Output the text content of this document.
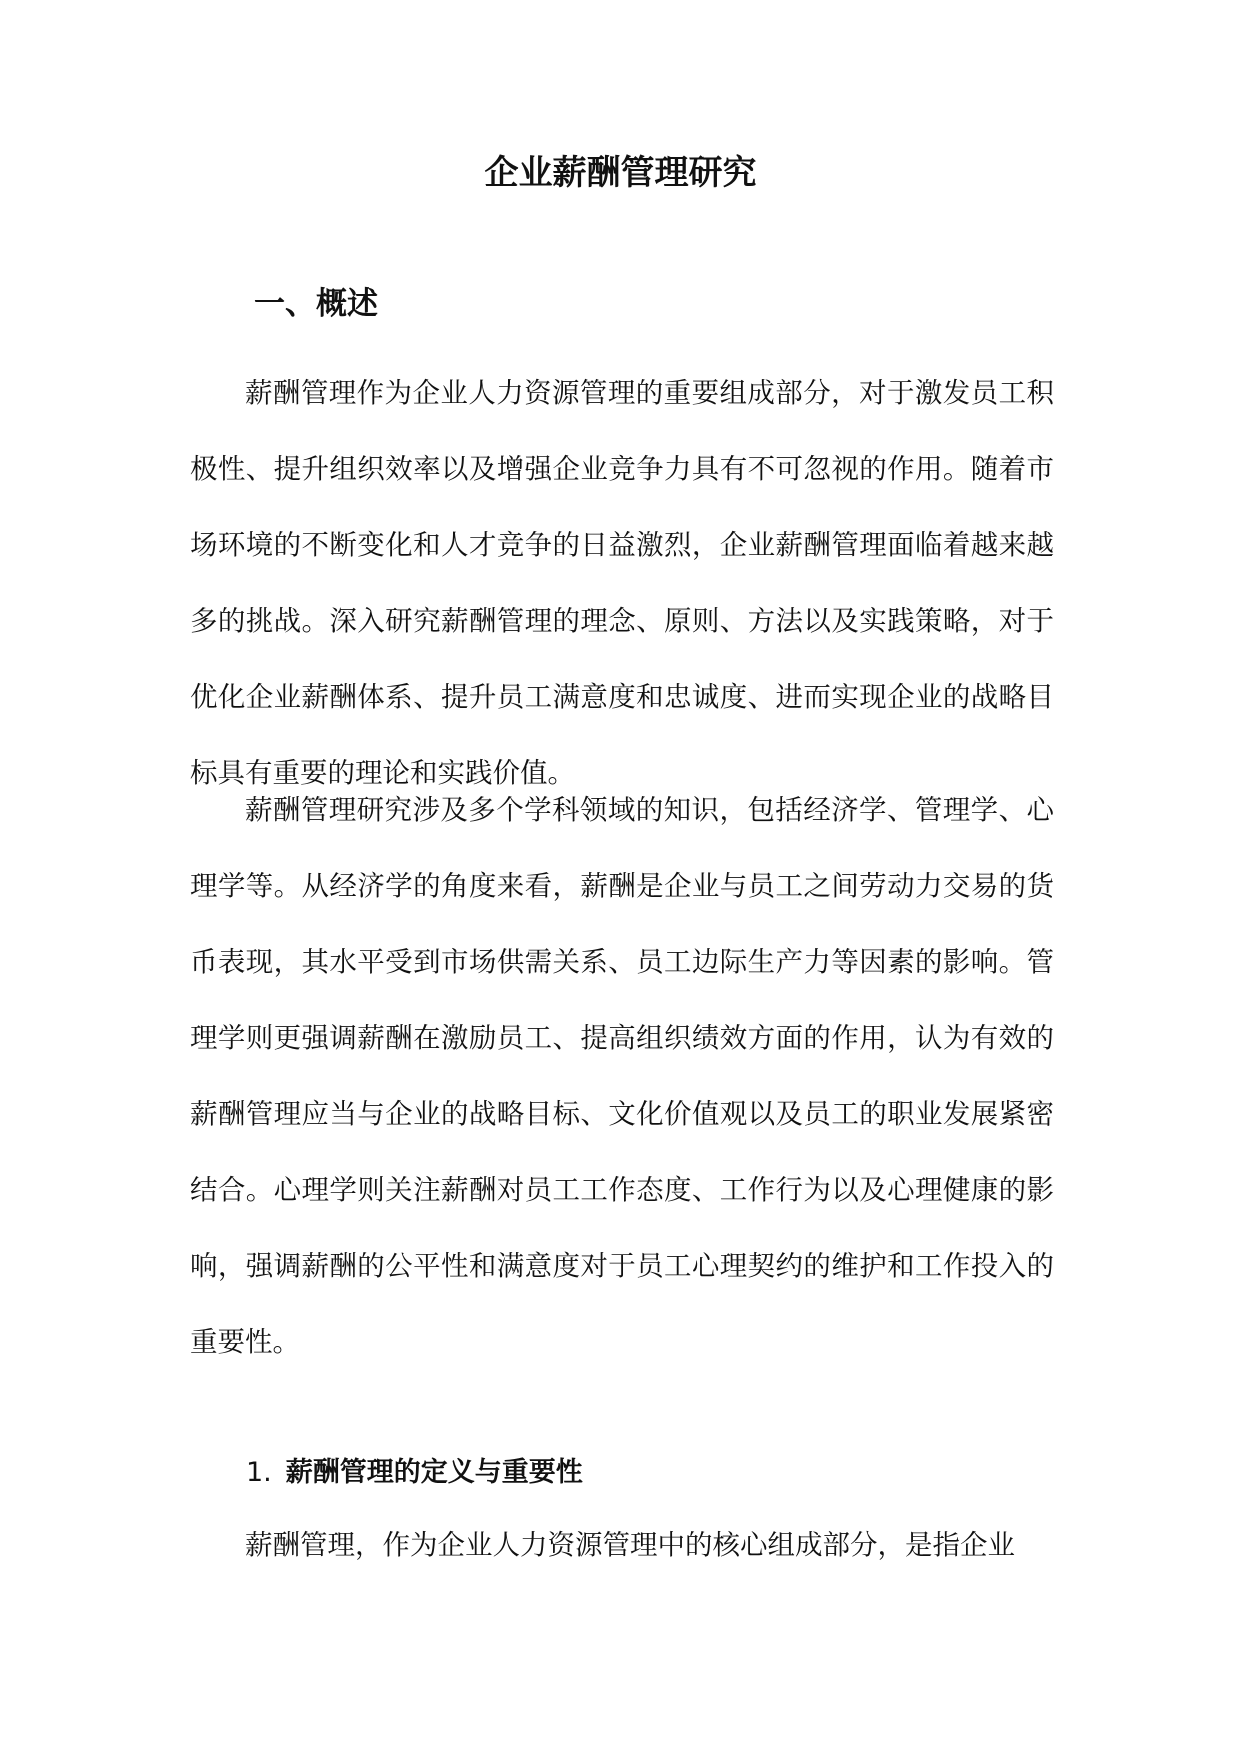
企业薪酬管理研究
一、概述

薪酬管理作为企业人力资源管理的重要组成部分，对于激发员工积极性、提升组织效率以及增强企业竞争力具有不可忽视的作用。随着市场环境的不断变化和人才竞争的日益激烈，企业薪酬管理面临着越来越多的挑战。深入研究薪酬管理的理念、原则、方法以及实践策略，对于优化企业薪酬体系、提升员工满意度和忠诚度、进而实现企业的战略目标具有重要的理论和实践价值。

薪酬管理研究涉及多个学科领域的知识，包括经济学、管理学、心理学等。从经济学的角度来看，薪酬是企业与员工之间劳动力交易的货币表现，其水平受到市场供需关系、员工边际生产力等因素的影响。管理学则更强调薪酬在激励员工、提高组织绩效方面的作用，认为有效的薪酬管理应当与企业的战略目标、文化价值观以及员工的职业发展紧密结合。心理学则关注薪酬对员工工作态度、工作行为以及心理健康的影响，强调薪酬的公平性和满意度对于员工心理契约的维护和工作投入的重要性。

1. 薪酬管理的定义与重要性

薪酬管理，作为企业人力资源管理中的核心组成部分，是指企业
